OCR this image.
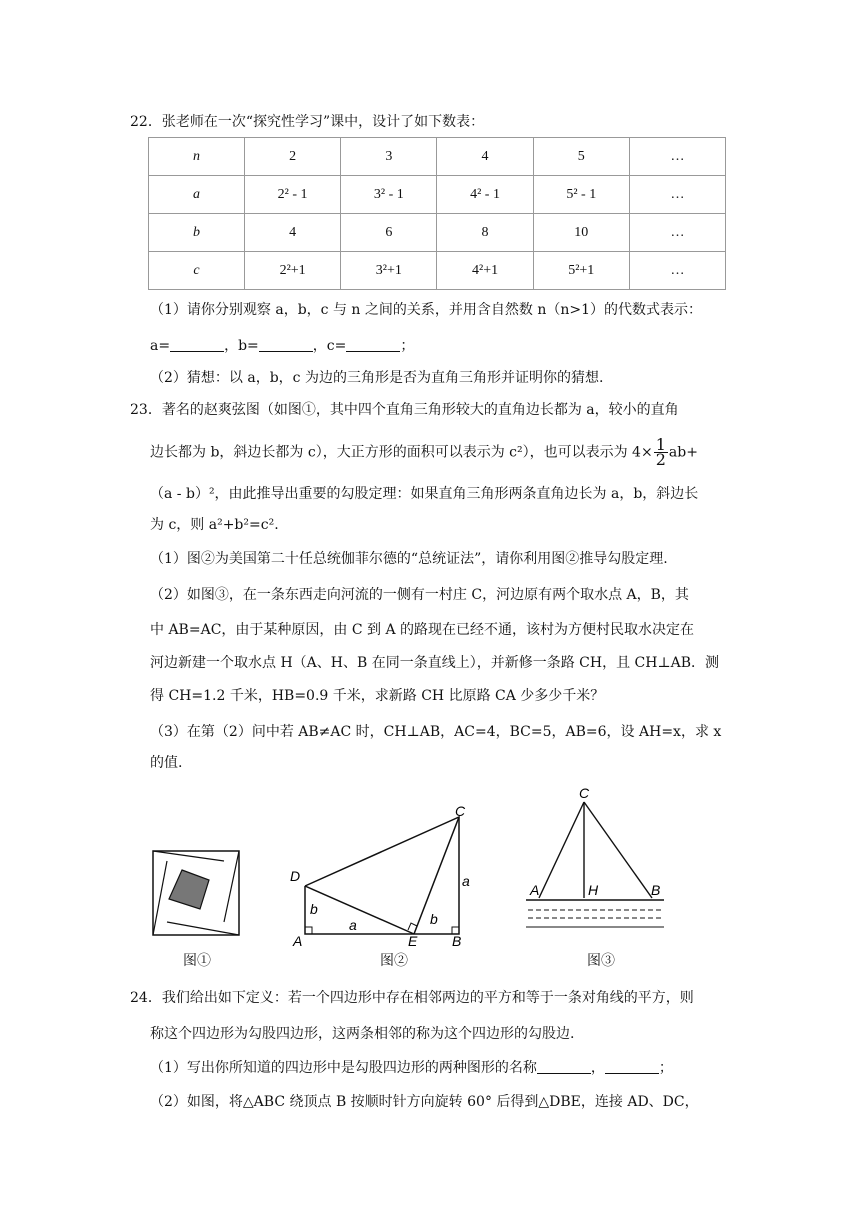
22．张老师在一次“探究性学习”课中，设计了如下数表：
n	2	3	4	5	…
a	2² - 1	3² - 1	4² - 1	5² - 1	…
b	4	6	8	10	…
c	2²+1	3²+1	4²+1	5²+1	…
（1）请你分别观察 a，b，c 与 n 之间的关系，并用含自然数 n（n>1）的代数式表示：
a=	，b=	，c=	；
（2）猜想：以 a，b，c 为边的三角形是否为直角三角形并证明你的猜想.
23．著名的赵爽弦图（如图①，其中四个直角三角形较大的直角边长都为 a，较小的直角
边长都为 b，斜边长都为 c），大正方形的面积可以表示为 c²），也可以表示为 $4\times \frac{1}{2} ab+$
（a - b）²，由此推导出重要的勾股定理：如果直角三角形两条直角边长为 a，b，斜边长
为 c，则 a²+b²=c².
（1）图②为美国第二十任总统伽菲尔德的“总统证法”，请你利用图②推导勾股定理.
（2）如图③，在一条东西走向河流的一侧有一村庄 C，河边原有两个取水点 A，B，其
中 AB=AC，由于某种原因，由 C 到 A 的路现在已经不通，该村为方便村民取水决定在
河边新建一个取水点 H（A、H、B 在同一条直线上），并新修一条路 CH，且 CH⊥AB．测
得 CH=1.2 千米，HB=0.9 千米，求新路 CH 比原路 CA 少多少千米？
（3）在第（2）问中若 AB≠AC 时，CH⊥AB，AC=4，BC=5，AB=6，设 AH=x，求 x
的值.
图①
C
D
A	E B
a
a
b
b
图②
C
A	H	B
图③
24．我们给出如下定义：若一个四边形中存在相邻两边的平方和等于一条对角线的平方，则
称这个四边形为勾股四边形，这两条相邻的称为这个四边形的勾股边.
（1）写出你所知道的四边形中是勾股四边形的两种图形的名称	，	；
（2）如图，将△ABC 绕顶点 B 按顺时针方向旋转 60° 后得到△DBE，连接 AD、DC，
